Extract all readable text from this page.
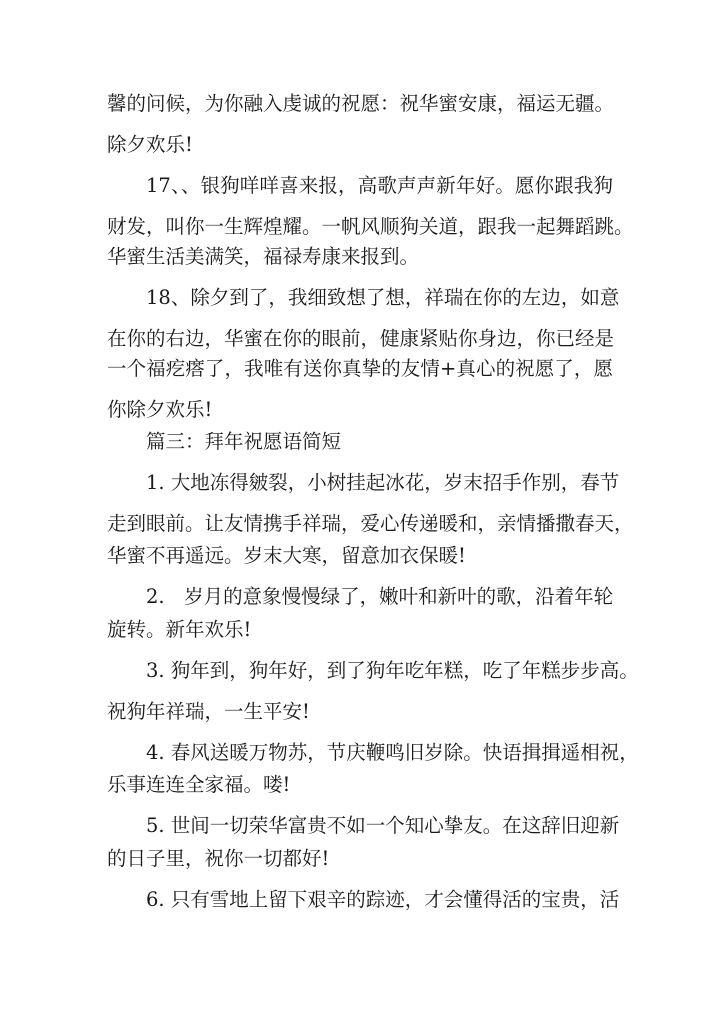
馨的问候，为你融入虔诚的祝愿：祝华蜜安康，福运无疆。
除夕欢乐!
17、、银狗咩咩喜来报，高歌声声新年好。愿你跟我狗
财发，叫你一生辉煌耀。一帆风顺狗关道，跟我一起舞蹈跳。
华蜜生活美满笑，福禄寿康来报到。
18、除夕到了，我细致想了想，祥瑞在你的左边，如意
在你的右边，华蜜在你的眼前，健康紧贴你身边，你已经是
一个福疙瘩了，我唯有送你真挚的友情+真心的祝愿了，愿
你除夕欢乐!
篇三：拜年祝愿语简短
1. 大地冻得皴裂，小树挂起冰花，岁末招手作别，春节
走到眼前。让友情携手祥瑞，爱心传递暖和，亲情播撒春天，
华蜜不再遥远。岁末大寒，留意加衣保暖!
2.　岁月的意象慢慢绿了，嫩叶和新叶的歌，沿着年轮
旋转。新年欢乐!
3. 狗年到，狗年好，到了狗年吃年糕，吃了年糕步步高。
祝狗年祥瑞，一生平安!
4. 春风送暖万物苏，节庆鞭鸣旧岁除。快语揖揖遥相祝，
乐事连连全家福。喽!
5. 世间一切荣华富贵不如一个知心挚友。在这辞旧迎新
的日子里，祝你一切都好!
6. 只有雪地上留下艰辛的踪迹，才会懂得活的宝贵，活
